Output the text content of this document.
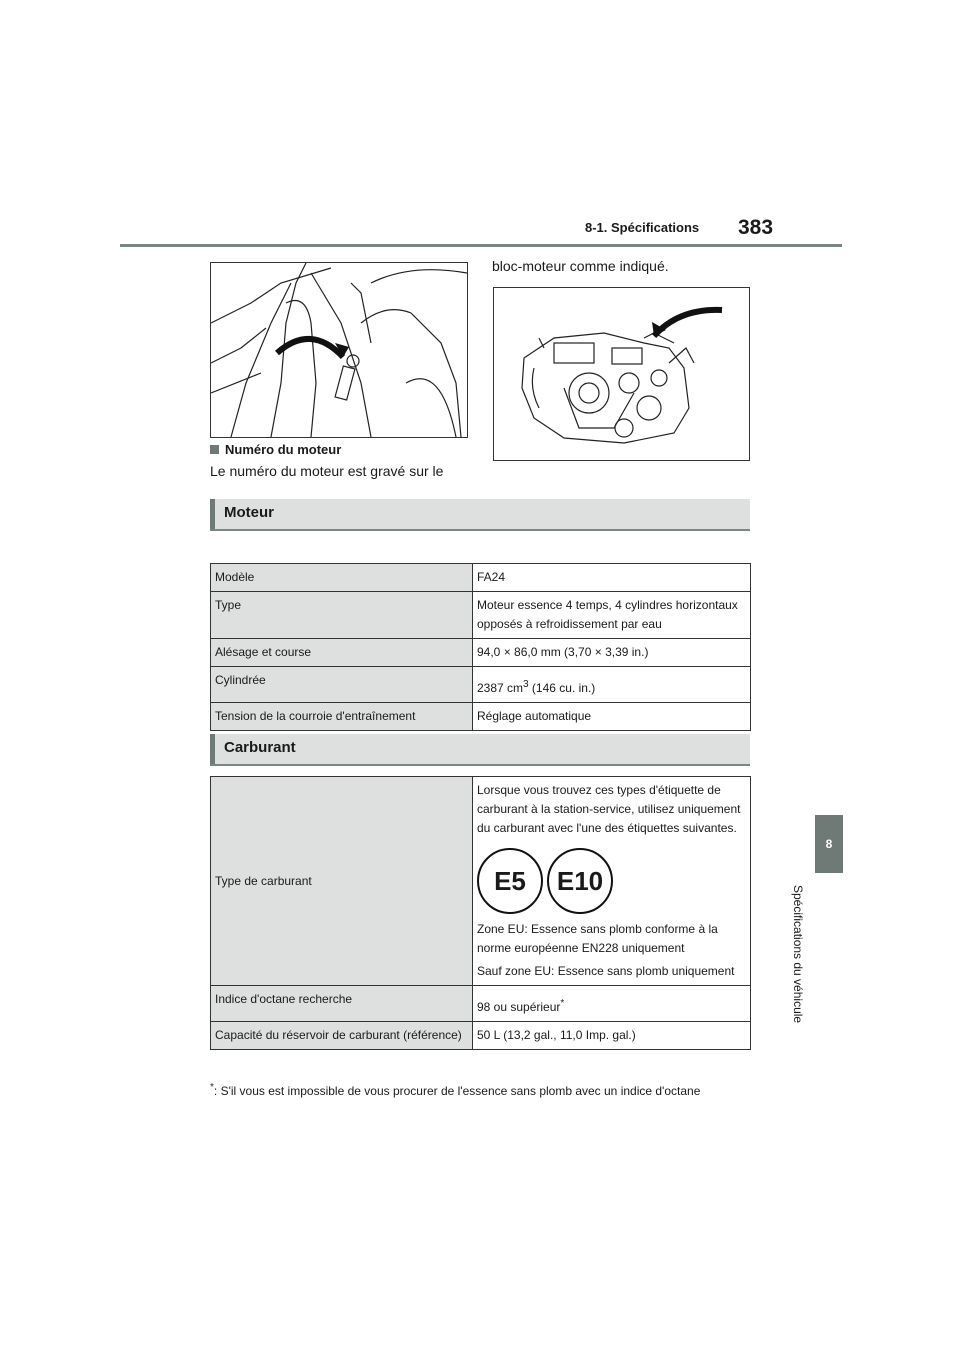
8-1. Spécifications 383
8
Spécifications du véhicule
Numéro du moteur
Le numéro du moteur est gravé sur le
bloc-moteur comme indiqué.
Moteur
Modèle	FA24
Type	Moteur essence 4 temps, 4 cylindres horizontaux opposés à refroidissement par eau
Alésage et course	94,0 × 86,0 mm (3,70 × 3,39 in.)
Cylindrée	2387 $cm^3$ (146 cu. in.)
Tension de la courroie d'entraînement	Réglage automatique
Carburant
Type de carburant	Lorsque vous trouvez ces types d'étiquette de carburant à la station-service, utilisez uniquement du carburant avec l'une des étiquettes suivantes.
E5 E10
Zone EU: Essence sans plomb conforme à la norme européenne EN228 uniquement
Sauf zone EU: Essence sans plomb uniquement

Indice d'octane recherche	98 ou supérieur*
Capacité du réservoir de carburant (référence)	50 L (13,2 gal., 11,0 Imp. gal.)
*: S'il vous est impossible de vous procurer de l'essence sans plomb avec un indice d'octane
